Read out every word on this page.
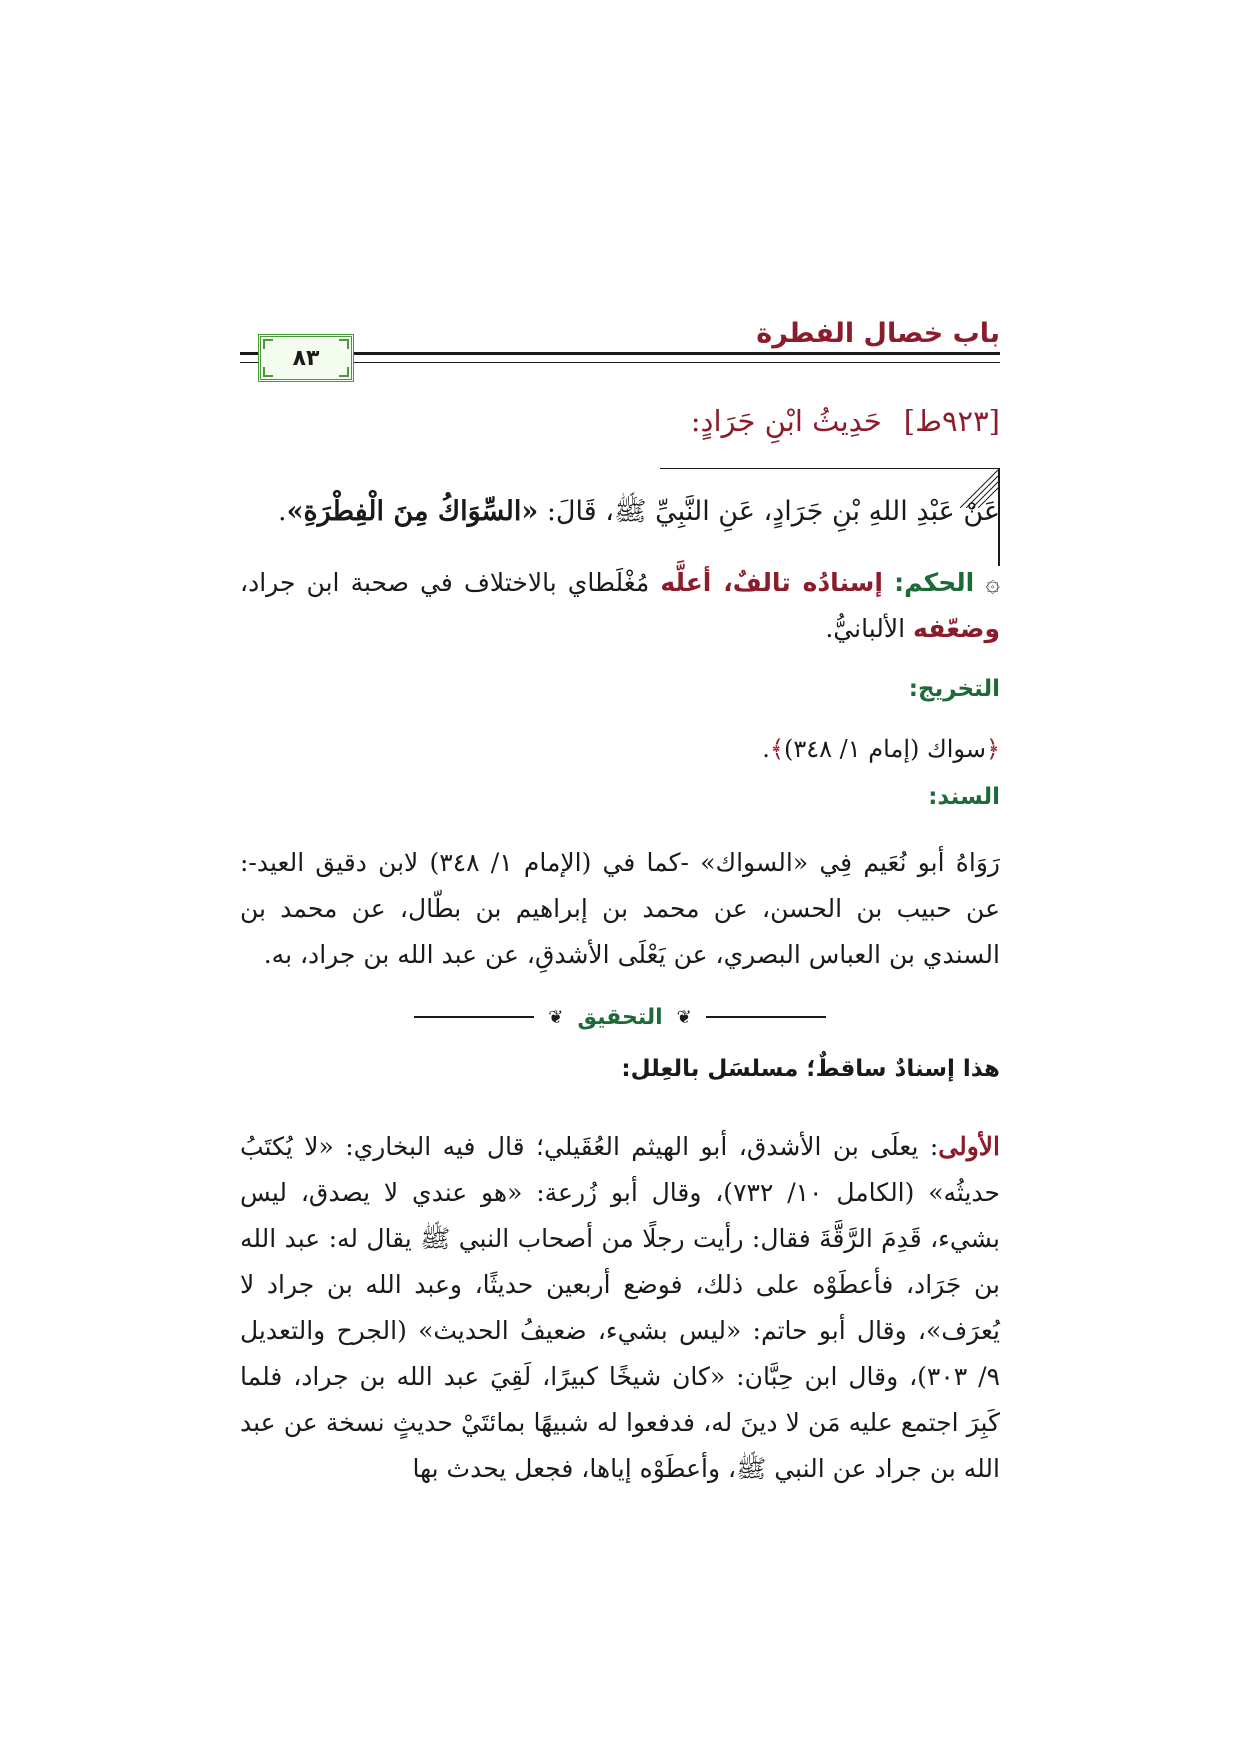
باب خصال الفطرة
٨٣
[٩٢٣ط]حَدِيثُ ابْنِ جَرَادٍ:
عَنْ عَبْدِ اللهِ بْنِ جَرَادٍ، عَنِ النَّبِيِّ ﷺ، قَالَ: «السِّوَاكُ مِنَ الْفِطْرَةِ».
۞ الحكم: إسنادُه تالفٌ، أعلَّه مُغْلَطاي بالاختلاف في صحبة ابن جراد، وضعّفه الألبانيُّ.
التخريج:
﴿سواك (إمام ١/ ٣٤٨)﴾.
السند:
رَوَاهُ أبو نُعَيم فِي «السواك» -كما في (الإمام ١/ ٣٤٨) لابن دقيق العيد-: عن حبيب بن الحسن، عن محمد بن إبراهيم بن بطّال، عن محمد بن السندي بن العباس البصري، عن يَعْلَى الأشدقِ، عن عبد الله بن جراد، به.
❦
التحقيق
❦
هذا إسنادٌ ساقطٌ؛ مسلسَل بالعِلل:
الأولى: يعلَى بن الأشدق، أبو الهيثم العُقَيلي؛ قال فيه البخاري: «لا يُكتَبُ حديثُه» (الكامل ١٠/ ٧٣٢)، وقال أبو زُرعة: «هو عندي لا يصدق، ليس بشيء، قَدِمَ الرَّقَّةَ فقال: رأيت رجلًا من أصحاب النبي ﷺ يقال له: عبد الله بن جَرَاد، فأعطَوْه على ذلك، فوضع أربعين حديثًا، وعبد الله بن جراد لا يُعرَف»، وقال أبو حاتم: «ليس بشيء، ضعيفُ الحديث» (الجرح والتعديل ٩/ ٣٠٣)، وقال ابن حِبَّان: «كان شيخًا كبيرًا، لَقِيَ عبد الله بن جراد، فلما كَبِرَ اجتمع عليه مَن لا دينَ له، فدفعوا له شبيهًا بمائتَيْ حديثٍ نسخة عن عبد الله بن جراد عن النبي ﷺ، وأعطَوْه إياها، فجعل يحدث بها
